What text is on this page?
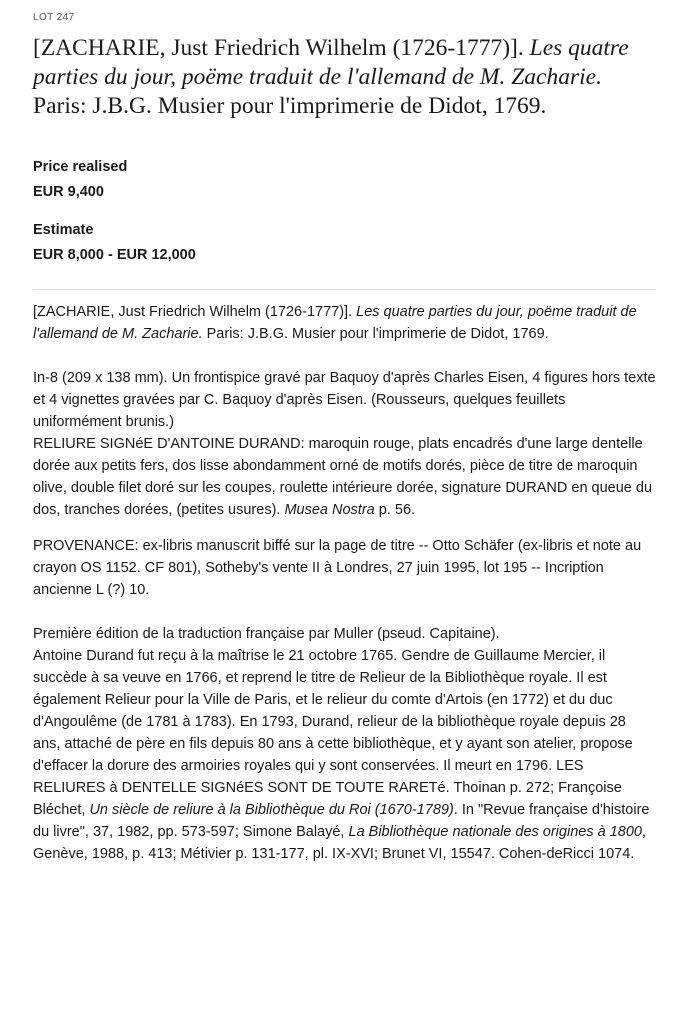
LOT 247
[ZACHARIE, Just Friedrich Wilhelm (1726-1777)]. Les quatre parties du jour, poëme traduit de l'allemand de M. Zacharie. Paris: J.B.G. Musier pour l'imprimerie de Didot, 1769.
Price realised
EUR 9,400
Estimate
EUR 8,000 - EUR 12,000

[ZACHARIE, Just Friedrich Wilhelm (1726-1777)]. Les quatre parties du jour, poëme traduit de l'allemand de M. Zacharie. Paris: J.B.G. Musier pour l'imprimerie de Didot, 1769.

In-8 (209 x 138 mm). Un frontispice gravé par Baquoy d'après Charles Eisen, 4 figures hors texte et 4 vignettes gravées par C. Baquoy d'après Eisen. (Rousseurs, quelques feuillets uniformément brunis.)

RELIURE SIGNéE D'ANTOINE DURAND: maroquin rouge, plats encadrés d'une large dentelle dorée aux petits fers, dos lisse abondamment orné de motifs dorés, pièce de titre de maroquin olive, double filet doré sur les coupes, roulette intérieure dorée, signature DURAND en queue du dos, tranches dorées, (petites usures). Musea Nostra p. 56.

PROVENANCE: ex-libris manuscrit biffé sur la page de titre -- Otto Schäfer (ex-libris et note au crayon OS 1152. CF 801), Sotheby's vente II à Londres, 27 juin 1995, lot 195 -- Incription ancienne L (?) 10.

Première édition de la traduction française par Muller (pseud. Capitaine).

Antoine Durand fut reçu à la maîtrise le 21 octobre 1765. Gendre de Guillaume Mercier, il succède à sa veuve en 1766, et reprend le titre de Relieur de la Bibliothèque royale. Il est également Relieur pour la Ville de Paris, et le relieur du comte d'Artois (en 1772) et du duc d'Angoulême (de 1781 à 1783). En 1793, Durand, relieur de la bibliothèque royale depuis 28 ans, attaché de père en fils depuis 80 ans à cette bibliothèque, et y ayant son atelier, propose d'effacer la dorure des armoiries royales qui y sont conservées. Il meurt en 1796. LES RELIURES à DENTELLE SIGNéES SONT DE TOUTE RARETé. Thoinan p. 272; Françoise Bléchet, Un siècle de reliure à la Bibliothèque du Roi (1670-1789). In "Revue française d'histoire du livre", 37, 1982, pp. 573-597; Simone Balayé, La Bibliothèque nationale des origines à 1800, Genève, 1988, p. 413; Métivier p. 131-177, pl. IX-XVI; Brunet VI, 15547. Cohen-deRicci 1074.
